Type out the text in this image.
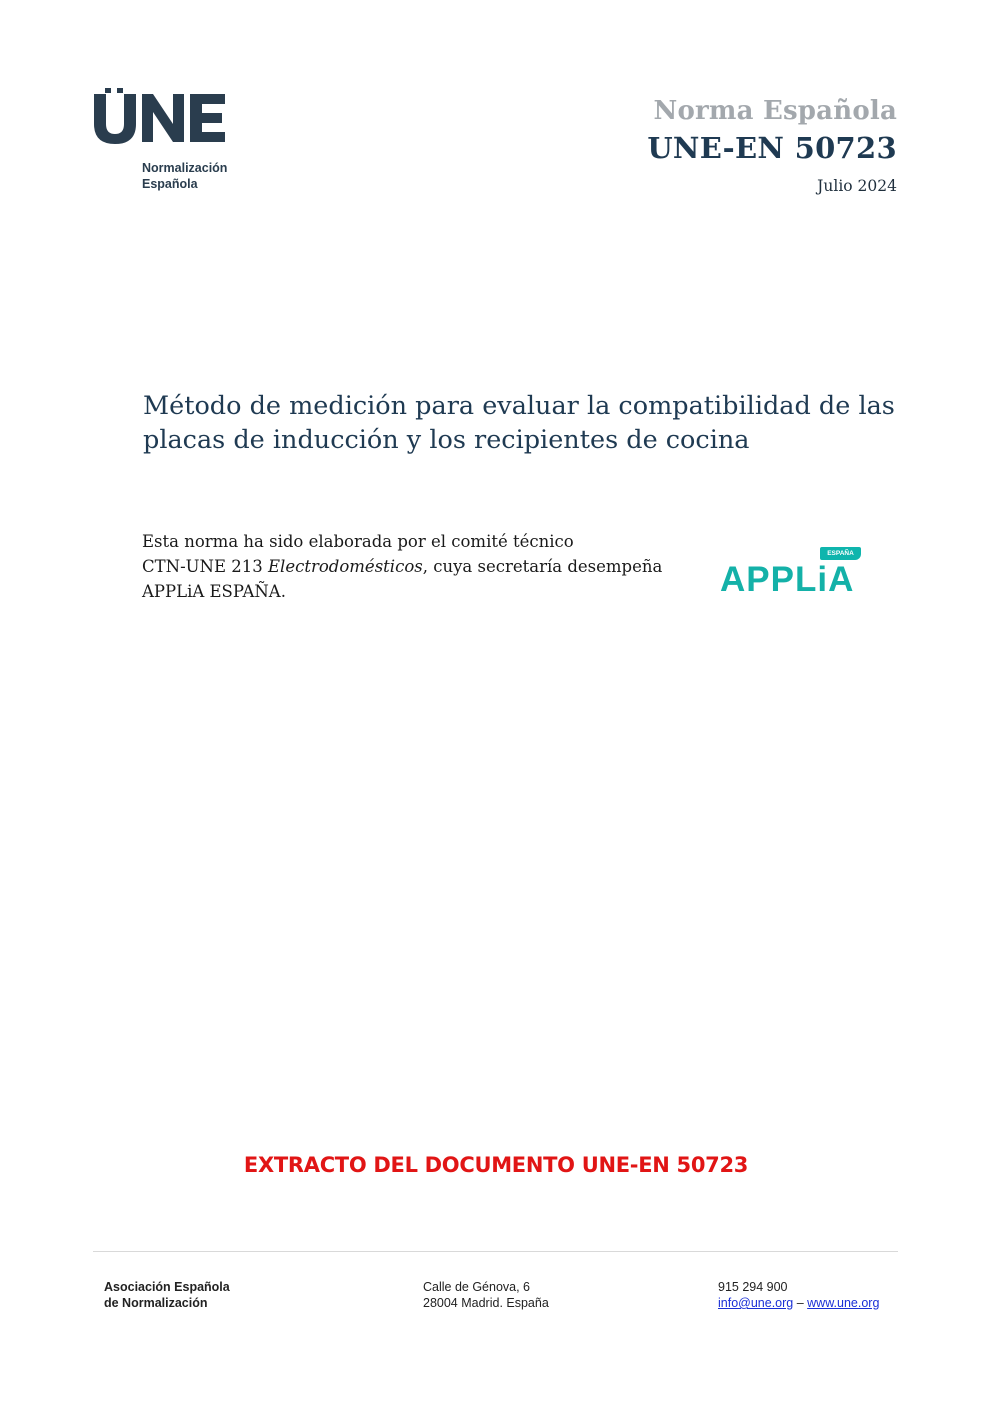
Normalización
Española
Norma Española
UNE-EN 50723
Julio 2024
Método de medición para evaluar la compatibilidad de las
placas de inducción y los recipientes de cocina
Esta norma ha sido elaborada por el comité técnico
CTN-UNE 213 Electrodomésticos, cuya secretaría desempeña
APPLiA ESPAÑA.
ESPAÑA
APPLiA
EXTRACTO DEL DOCUMENTO UNE-EN 50723
Asociación Española
de Normalización
Calle de Génova, 6
28004 Madrid. España
915 294 900
info@une.org – www.une.org
